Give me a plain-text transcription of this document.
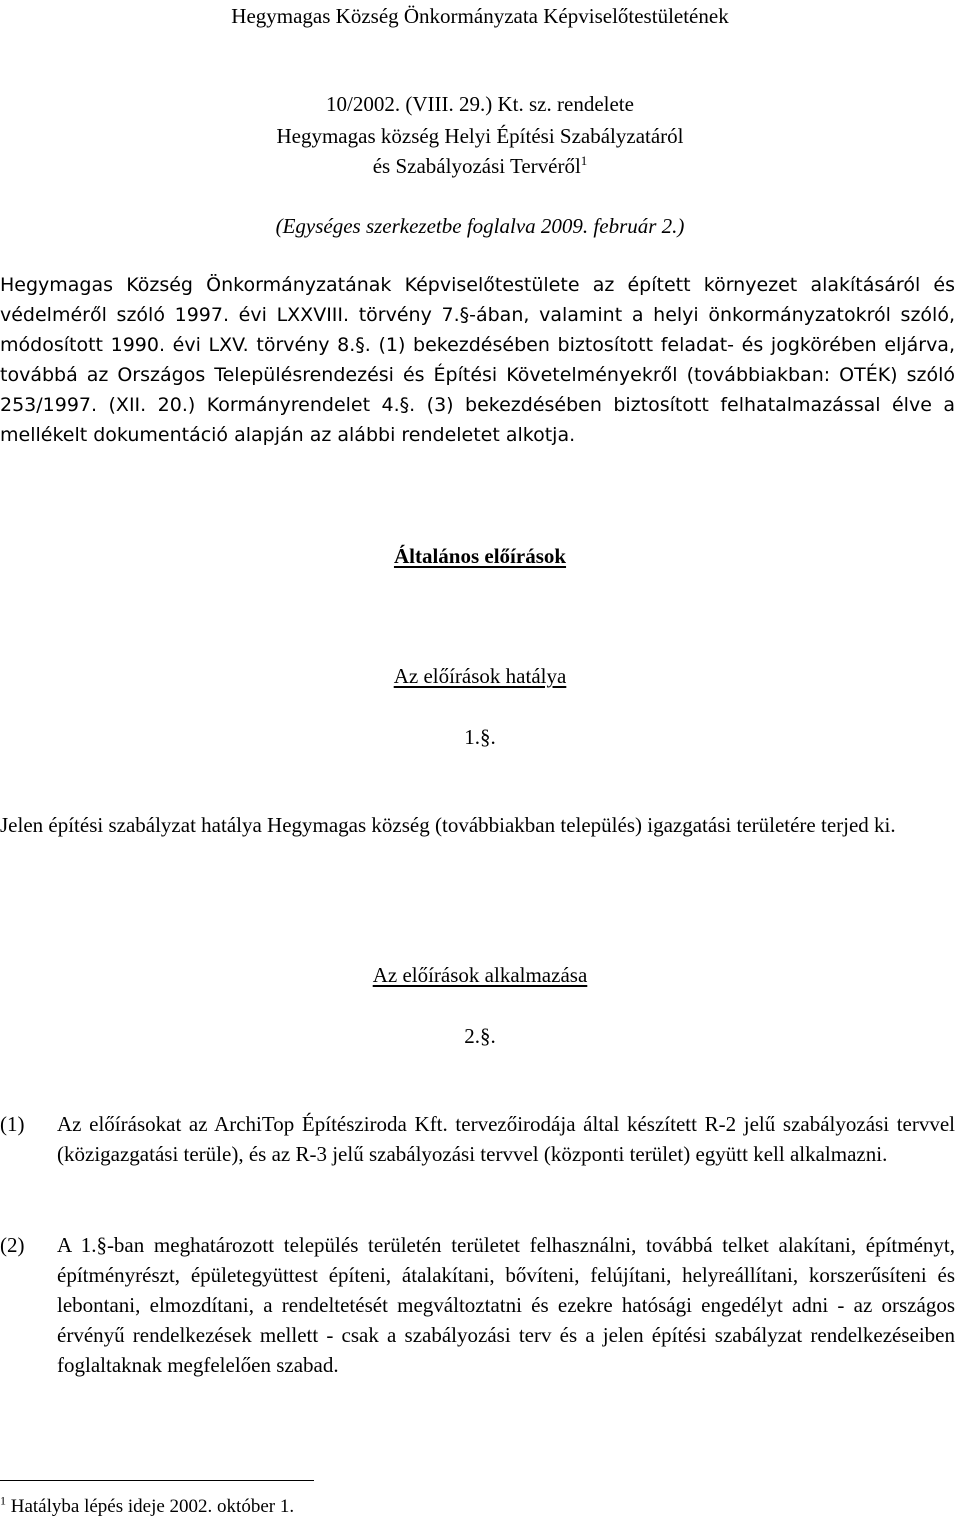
Hegymagas Község Önkormányzata Képviselőtestületének
10/2002. (VIII. 29.) Kt. sz. rendelete
Hegymagas község Helyi Építési Szabályzatáról
és Szabályozási Tervéről$^1$
(Egységes szerkezetbe foglalva 2009. február 2.)
Hegymagas Község Önkormányzatának Képviselőtestülete az épített környezet alakításáról és védelméről szóló 1997. évi LXXVIII. törvény 7.§-ában, valamint a helyi önkormányzatokról szóló, módosított 1990. évi LXV. törvény 8.§. (1) bekezdésében biztosított feladat- és jogkörében eljárva, továbbá az Országos Településrendezési és Építési Követelményekről (továbbiakban: OTÉK) szóló 253/1997. (XII. 20.) Kormányrendelet 4.§. (3) bekezdésében biztosított felhatalmazással élve a mellékelt dokumentáció alapján az alábbi rendeletet alkotja.
Általános előírások
Az előírások hatálya
1.§.
Jelen építési szabályzat hatálya Hegymagas község (továbbiakban település) igazgatási területére terjed ki.
Az előírások alkalmazása
2.§.
(1) Az előírásokat az ArchiTop Építésziroda Kft. tervezőirodája által készített R-2 jelű szabályozási tervvel (közigazgatási terüle), és az R-3 jelű szabályozási tervvel (központi terület) együtt kell alkalmazni.
(2) A 1.§-ban meghatározott település területén területet felhasználni, továbbá telket alakítani, építményt, építményrészt, épületegyüttest építeni, átalakítani, bővíteni, felújítani, helyreállítani, korszerűsíteni és lebontani, elmozdítani, a rendeltetését megváltoztatni és ezekre hatósági engedélyt adni - az országos érvényű rendelkezések mellett - csak a szabályozási terv és a jelen építési szabályzat rendelkezéseiben foglaltaknak megfelelően szabad.
$^1$ Hatályba lépés ideje 2002. október 1.
